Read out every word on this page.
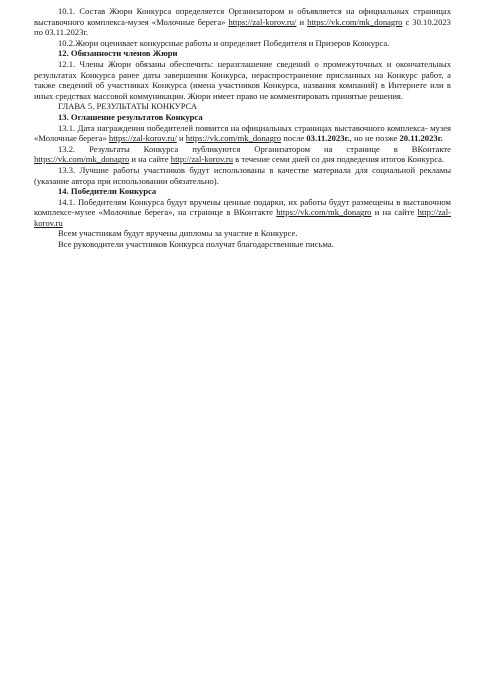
10.1. Состав Жюри Конкурса определяется Организатором и объявляется на официальных страницах выставочного комплекса-музея «Молочные берега» https://zal-korov.ru/ и https://vk.com/mk_donagro с 30.10.2023 по 03.11.2023г.

10.2.Жюри оценивает конкурсные работы и определяет Победителя и Призеров Конкурса.

12. Обязанности членов Жюри

12.1. Члены Жюри обязаны обеспечить: неразглашение сведений о промежуточных и окончательных результатах Конкурса ранее даты завершения Конкурса, нераспространение присланных на Конкурс работ, а также сведений об участниках Конкурса (имена участников Конкурса, названия компаний) в Интернете или в иных средствах массовой коммуникации. Жюри имеет право не комментировать принятые решения.

ГЛАВА 5. РЕЗУЛЬТАТЫ КОНКУРСА

13. Оглашение результатов Конкурса

13.1. Дата награждения победителей появится на официальных страницах выставочного комплекса- музея «Молочные берега» https://zal-korov.ru/ и https://vk.com/mk_donagro после 03.11.2023г., но не позже 20.11.2023г.

13.2. Результаты Конкурса публикуются Организатором на странице в ВКонтакте https://vk.com/mk_donagro и на сайте http://zal-korov.ru в течение семи дней со дня подведения итогов Конкурса.

13.3. Лучшие работы участников будут использованы в качестве материала для социальной рекламы (указание автора при использовании обязательно).

14. Победители Конкурса

14.1. Победителям Конкурса будут вручены ценные подарки, их работы будут размещены в выставочном комплексе-музее «Молочные берега», на странице в ВКонтакте https://vk.com/mk_donagro и на сайте http://zal-korov.ru

Всем участникам будут вручены дипломы за участие в Конкурсе.

Все руководители участников Конкурса получат благодарственные письма.
